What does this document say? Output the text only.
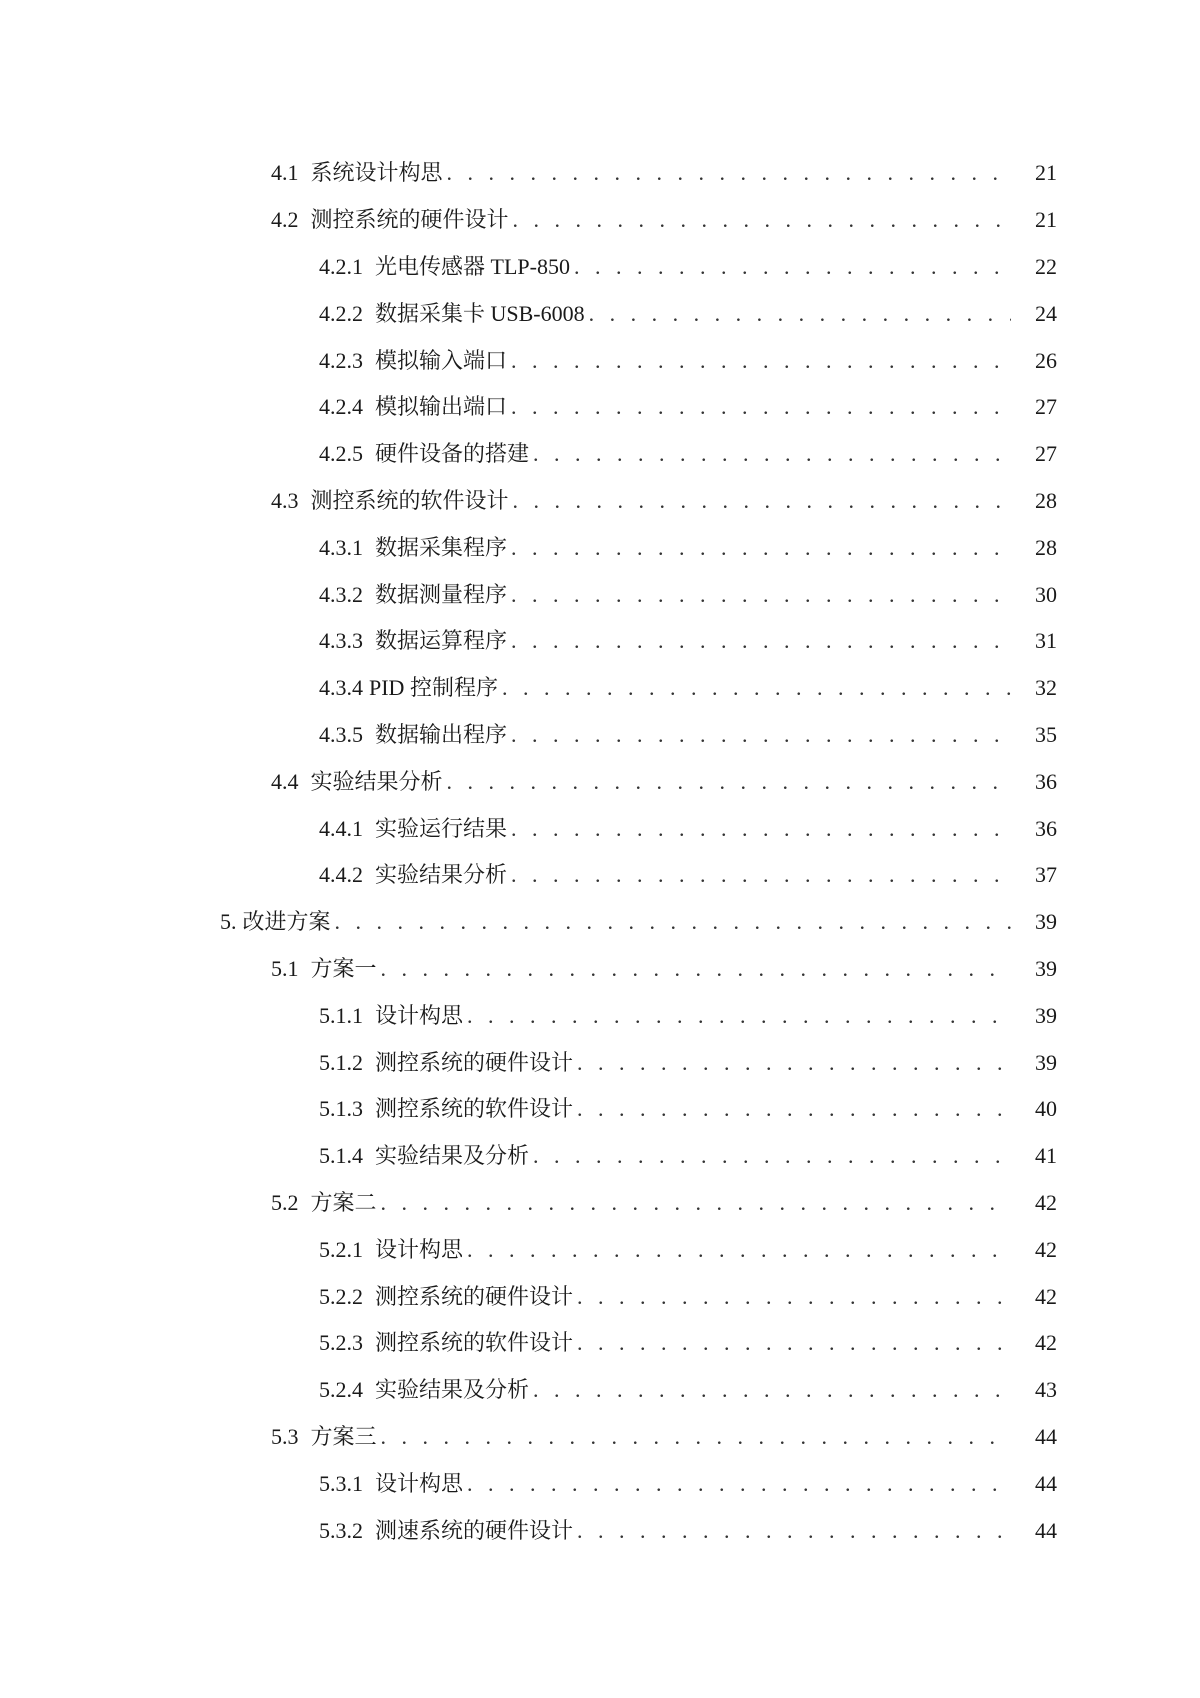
4.1 系统设计构思 . . .	21
4.2 测控系统的硬件设计 . . .	21
4.2.1 光电传感器 TLP-850 . . .	22
4.2.2 数据采集卡 USB-6008 . . .	24
4.2.3 模拟输入端口 . . .	26
4.2.4 模拟输出端口 . . .	27
4.2.5 硬件设备的搭建 . . .	27
4.3 测控系统的软件设计 . . .	28
4.3.1 数据采集程序 . . .	28
4.3.2 数据测量程序 . . .	30
4.3.3 数据运算程序 . . .	31
4.3.4 PID 控制程序 . . .	32
4.3.5 数据输出程序 . . .	35
4.4 实验结果分析 . . .	36
4.4.1 实验运行结果 . . .	36
4.4.2 实验结果分析 . . .	37
5. 改进方案 . . .	39
5.1 方案一 . . .	39
5.1.1 设计构思 . . .	39
5.1.2 测控系统的硬件设计 . . .	39
5.1.3 测控系统的软件设计 . . .	40
5.1.4 实验结果及分析 . . .	41
5.2 方案二 . . .	42
5.2.1 设计构思 . . .	42
5.2.2 测控系统的硬件设计 . . .	42
5.2.3 测控系统的软件设计 . . .	42
5.2.4 实验结果及分析 . . .	43
5.3 方案三 . . .	44
5.3.1 设计构思 . . .	44
5.3.2 测速系统的硬件设计 . . .	44
